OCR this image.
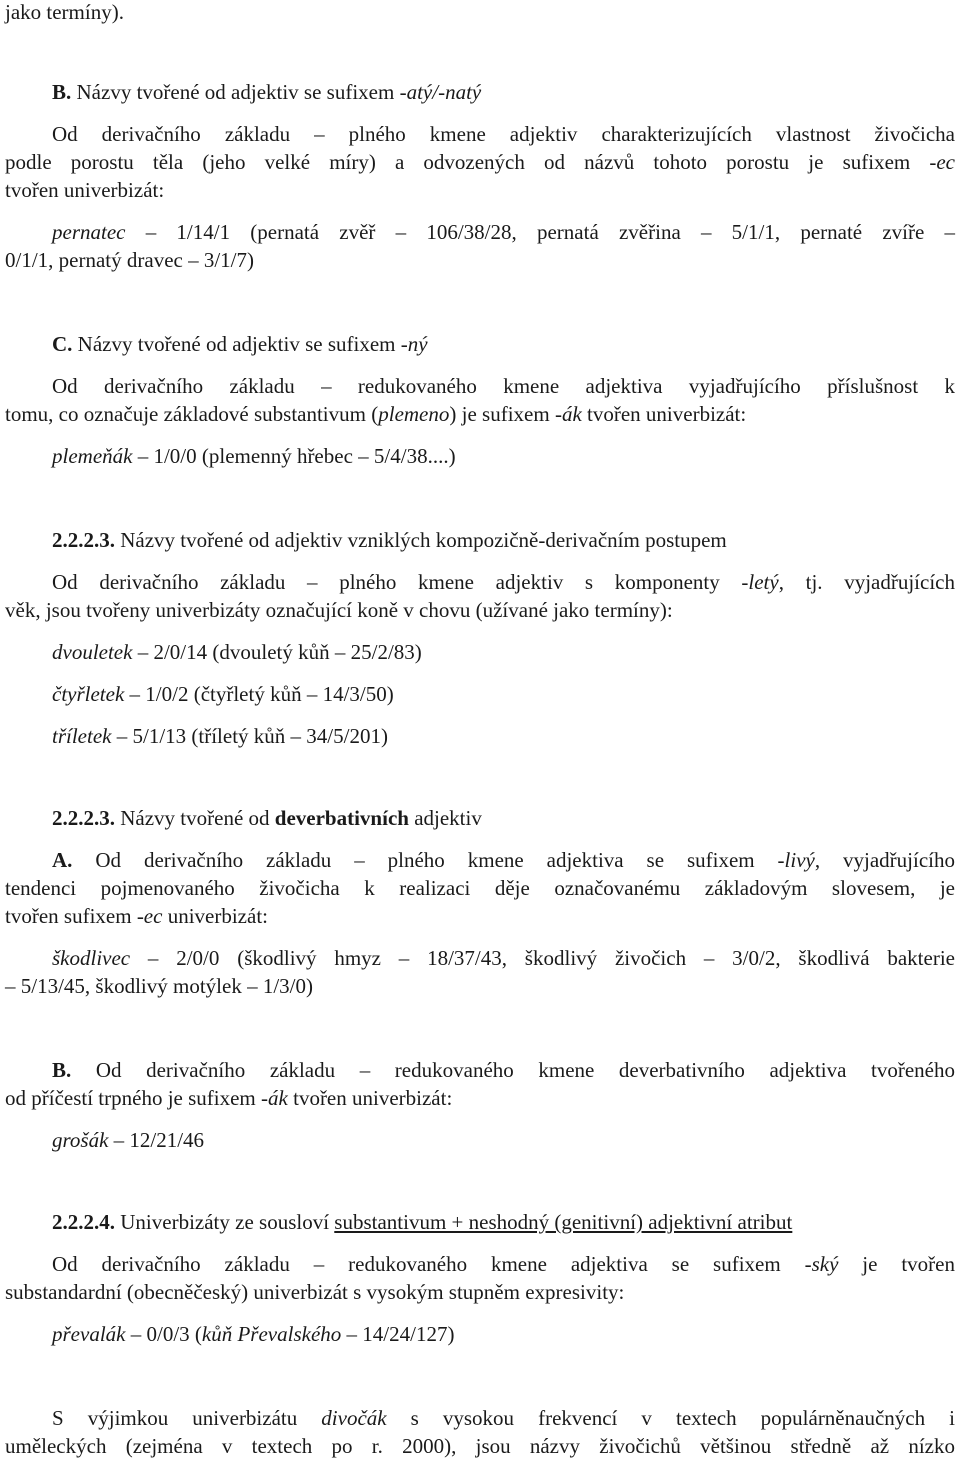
jako termíny).
B. Názvy tvořené od adjektiv se sufixem -atý/-natý
Od derivačního základu – plného kmene adjektiv charakterizujících vlastnost živočicha
podle porostu těla (jeho velké míry) a odvozených od názvů tohoto porostu je sufixem -ec
tvořen univerbizát:
pernatec – 1/14/1 (pernatá zvěř – 106/38/28, pernatá zvěřina – 5/1/1, pernaté zvíře –
0/1/1, pernatý dravec – 3/1/7)
C. Názvy tvořené od adjektiv se sufixem -ný
Od derivačního základu – redukovaného kmene adjektiva vyjadřujícího příslušnost k
tomu, co označuje základové substantivum (plemeno) je sufixem -ák tvořen univerbizát:
plemeňák – 1/0/0 (plemenný hřebec – 5/4/38....)
2.2.2.3. Názvy tvořené od adjektiv vzniklých kompozičně-derivačním postupem
Od derivačního základu – plného kmene adjektiv s komponenty -letý, tj. vyjadřujících
věk, jsou tvořeny univerbizáty označující koně v chovu (užívané jako termíny):
dvouletek – 2/0/14 (dvouletý kůň – 25/2/83)
čtyřletek – 1/0/2 (čtyřletý kůň – 14/3/50)
tříletek – 5/1/13 (tříletý kůň – 34/5/201)
2.2.2.3. Názvy tvořené od deverbativních adjektiv
A. Od derivačního základu – plného kmene adjektiva se sufixem -livý, vyjadřujícího
tendenci pojmenovaného živočicha k realizaci děje označovanému základovým slovesem, je
tvořen sufixem -ec univerbizát:
škodlivec – 2/0/0 (škodlivý hmyz – 18/37/43, škodlivý živočich – 3/0/2, škodlivá bakterie
– 5/13/45, škodlivý motýlek – 1/3/0)
B. Od derivačního základu – redukovaného kmene deverbativního adjektiva tvořeného
od příčestí trpného je sufixem -ák tvořen univerbizát:
grošák – 12/21/46
2.2.2.4. Univerbizáty ze sousloví substantivum + neshodný (genitivní) adjektivní atribut
Od derivačního základu – redukovaného kmene adjektiva se sufixem -ský je tvořen
substandardní (obecněčeský) univerbizát s vysokým stupněm expresivity:
převalák – 0/0/3 (kůň Převalského – 14/24/127)
S výjimkou univerbizátu divočák s vysokou frekvencí v textech populárněnaučných i
uměleckých (zejména v textech po r. 2000), jsou názvy živočichů většinou středně až nízko
